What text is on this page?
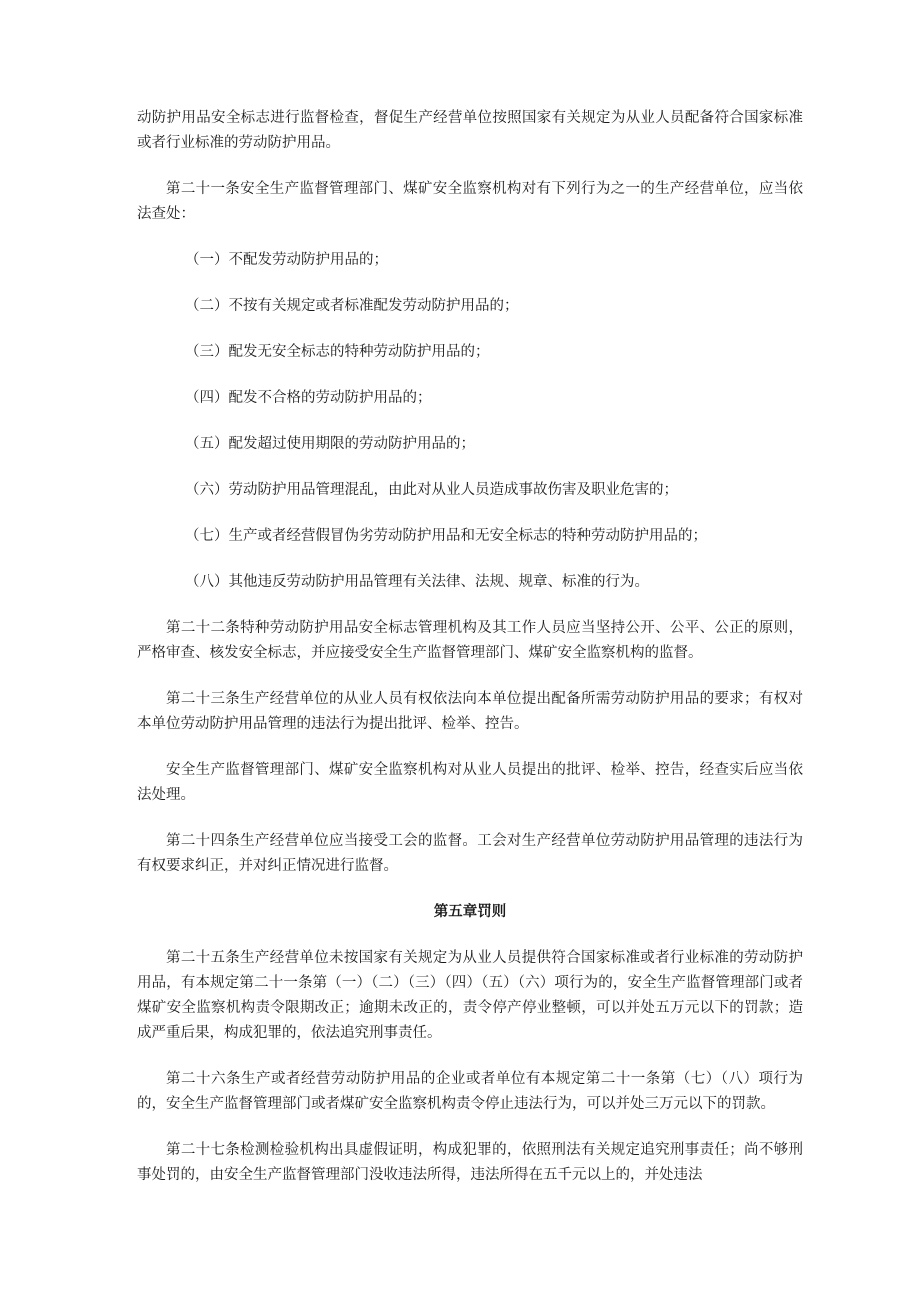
动防护用品安全标志进行监督检查，督促生产经营单位按照国家有关规定为从业人员配备符合国家标准或者行业标准的劳动防护用品。

第二十一条安全生产监督管理部门、煤矿安全监察机构对有下列行为之一的生产经营单位，应当依法查处：

（一）不配发劳动防护用品的；

（二）不按有关规定或者标准配发劳动防护用品的；

（三）配发无安全标志的特种劳动防护用品的；

（四）配发不合格的劳动防护用品的；

（五）配发超过使用期限的劳动防护用品的；

（六）劳动防护用品管理混乱，由此对从业人员造成事故伤害及职业危害的；

（七）生产或者经营假冒伪劣劳动防护用品和无安全标志的特种劳动防护用品的；

（八）其他违反劳动防护用品管理有关法律、法规、规章、标准的行为。

第二十二条特种劳动防护用品安全标志管理机构及其工作人员应当坚持公开、公平、公正的原则，严格审查、核发安全标志，并应接受安全生产监督管理部门、煤矿安全监察机构的监督。

第二十三条生产经营单位的从业人员有权依法向本单位提出配备所需劳动防护用品的要求；有权对本单位劳动防护用品管理的违法行为提出批评、检举、控告。

安全生产监督管理部门、煤矿安全监察机构对从业人员提出的批评、检举、控告，经查实后应当依法处理。

第二十四条生产经营单位应当接受工会的监督。工会对生产经营单位劳动防护用品管理的违法行为有权要求纠正，并对纠正情况进行监督。

第五章罚则

第二十五条生产经营单位未按国家有关规定为从业人员提供符合国家标准或者行业标准的劳动防护用品，有本规定第二十一条第（一）（二）（三）（四）（五）（六）项行为的，安全生产监督管理部门或者煤矿安全监察机构责令限期改正；逾期未改正的，责令停产停业整顿，可以并处五万元以下的罚款；造成严重后果，构成犯罪的，依法追究刑事责任。

第二十六条生产或者经营劳动防护用品的企业或者单位有本规定第二十一条第（七）（八）项行为的，安全生产监督管理部门或者煤矿安全监察机构责令停止违法行为，可以并处三万元以下的罚款。

第二十七条检测检验机构出具虚假证明，构成犯罪的，依照刑法有关规定追究刑事责任；尚不够刑事处罚的，由安全生产监督管理部门没收违法所得，违法所得在五千元以上的，并处违法
